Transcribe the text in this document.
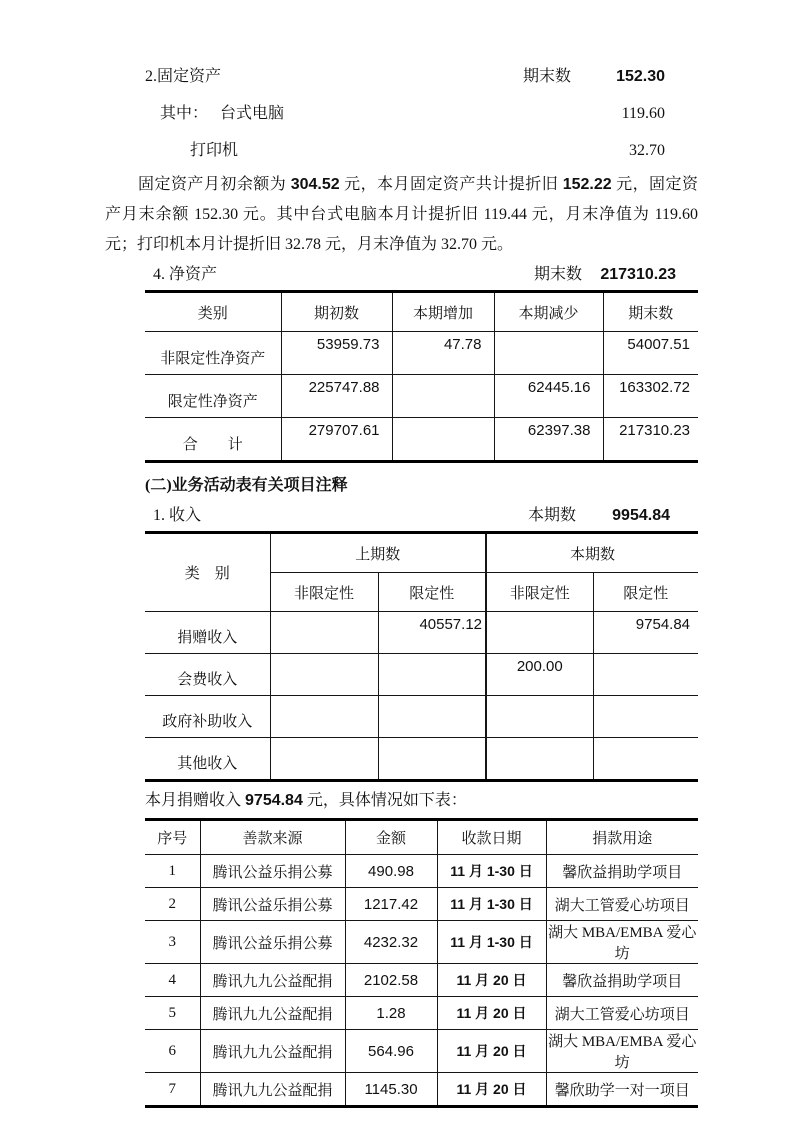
2.固定资产	期末数	152.30
其中： 台式电脑	119.60
打印机	32.70

固定资产月初余额为 304.52 元，本月固定资产共计提折旧 152.22 元，固定资产月末余额 152.30 元。其中台式电脑本月计提折旧 119.44 元，月末净值为 119.60 元；打印机本月计提折旧 32.78 元，月末净值为 32.70 元。

4. 净资产	期末数 217310.23
类别	期初数	本期增加	本期减少	期末数
非限定性净资产	53959.73	47.78		54007.51
限定性净资产	225747.88		62445.16	163302.72
合　　计	279707.61		62397.38	217310.23
(二)业务活动表有关项目注释
1. 收入	本期数	9954.84
类　别	上期数		本期数	
	非限定性	限定性	非限定性	限定性
捐赠收入		40557.12		9754.84
会费收入			200.00	
政府补助收入				
其他收入				
本月捐赠收入 9754.84 元，具体情况如下表：
序号	善款来源	金额	收款日期	捐款用途
1	腾讯公益乐捐公募	490.98	11 月 1-30 日	馨欣益捐助学项目
2	腾讯公益乐捐公募	1217.42	11 月 1-30 日	湖大工管爱心坊项目
3	腾讯公益乐捐公募	4232.32	11 月 1-30 日	湖大 MBA/EMBA 爱心坊
4	腾讯九九公益配捐	2102.58	11 月 20 日	馨欣益捐助学项目
5	腾讯九九公益配捐	1.28	11 月 20 日	湖大工管爱心坊项目
6	腾讯九九公益配捐	564.96	11 月 20 日	湖大 MBA/EMBA 爱心坊
7	腾讯九九公益配捐	1145.30	11 月 20 日	馨欣助学一对一项目
